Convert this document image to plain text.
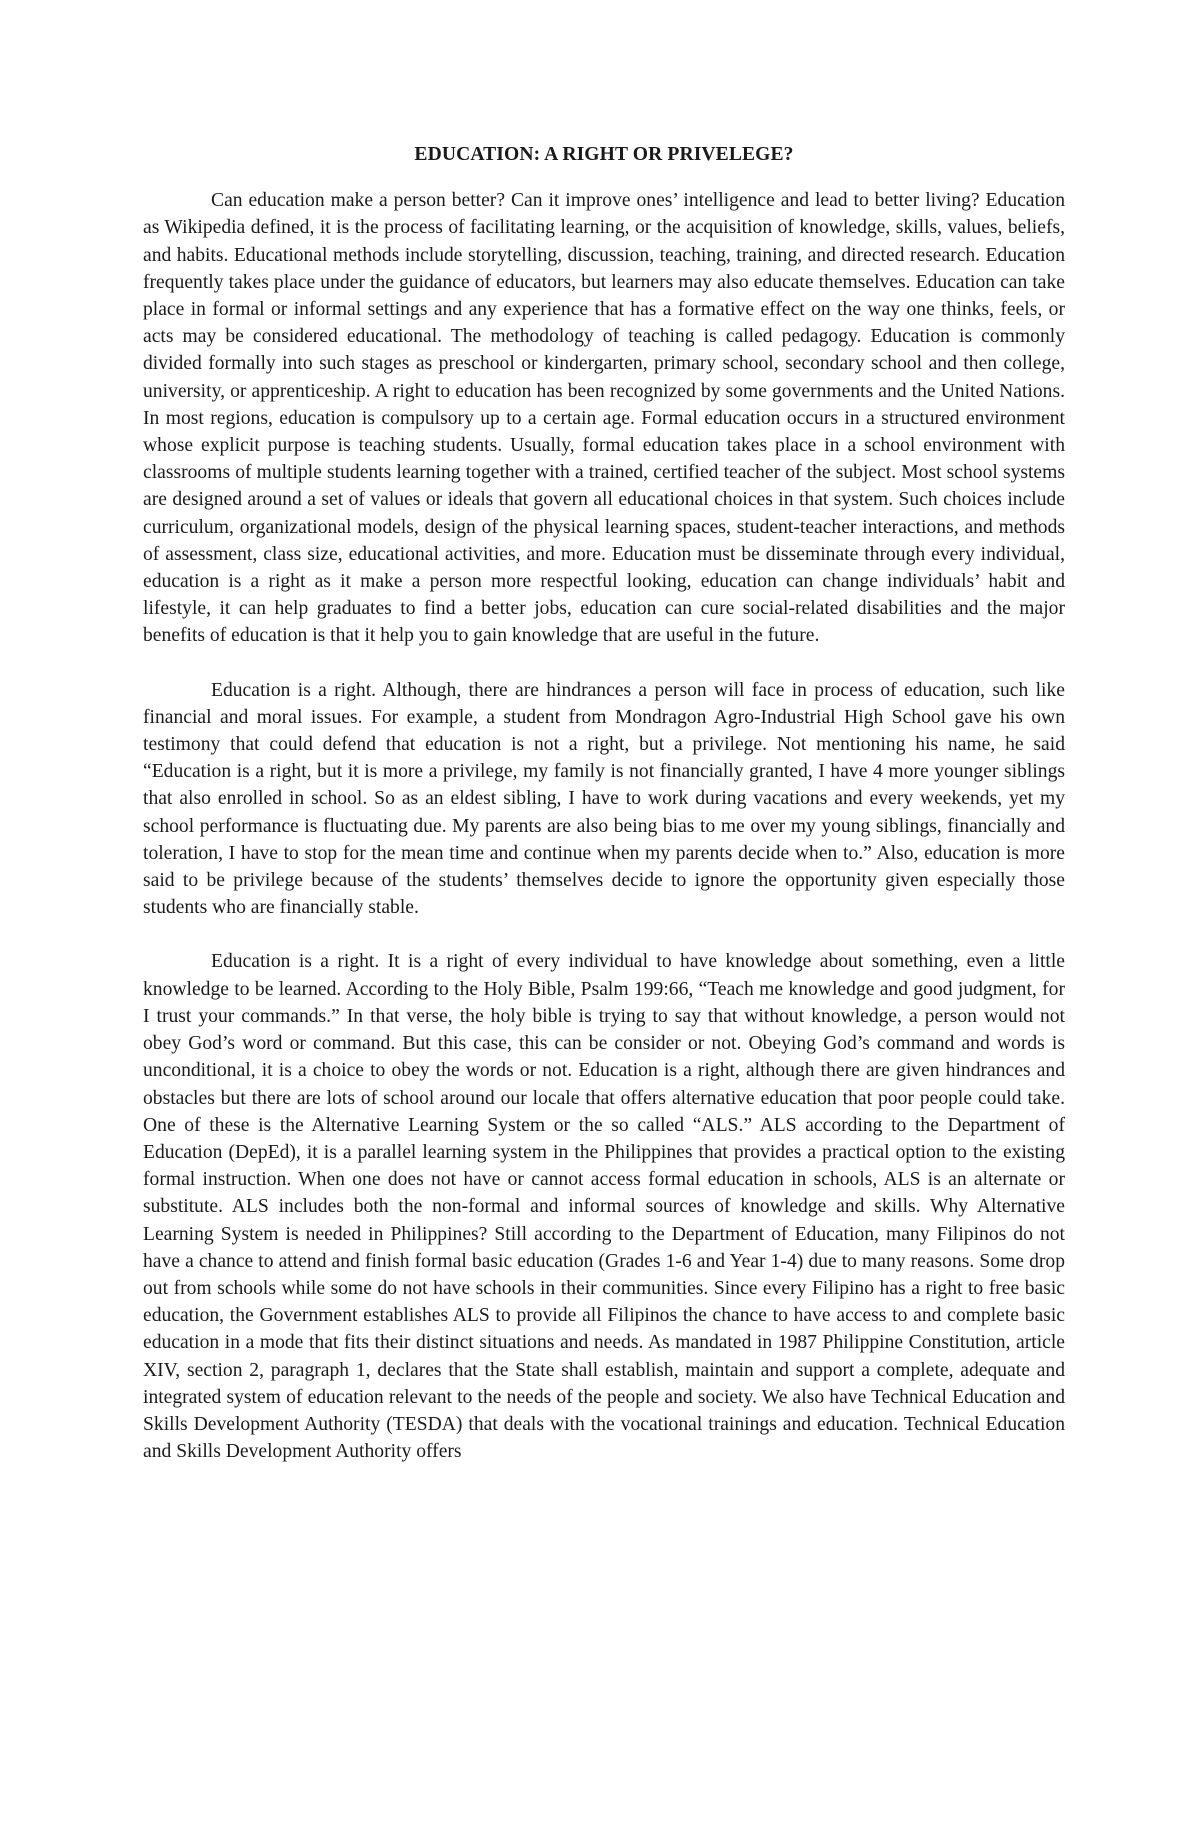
EDUCATION: A RIGHT OR PRIVELEGE?

Can education make a person better? Can it improve ones’ intelligence and lead to better living? Education as Wikipedia defined, it is the process of facilitating learning, or the acquisition of knowledge, skills, values, beliefs, and habits. Educational methods include storytelling, discussion, teaching, training, and directed research. Education frequently takes place under the guidance of educators, but learners may also educate themselves. Education can take place in formal or informal settings and any experience that has a formative effect on the way one thinks, feels, or acts may be considered educational. The methodology of teaching is called pedagogy. Education is commonly divided formally into such stages as preschool or kindergarten, primary school, secondary school and then college, university, or apprenticeship. A right to education has been recognized by some governments and the United Nations. In most regions, education is compulsory up to a certain age. Formal education occurs in a structured environment whose explicit purpose is teaching students. Usually, formal education takes place in a school environment with classrooms of multiple students learning together with a trained, certified teacher of the subject. Most school systems are designed around a set of values or ideals that govern all educational choices in that system. Such choices include curriculum, organizational models, design of the physical learning spaces, student-teacher interactions, and methods of assessment, class size, educational activities, and more. Education must be disseminate through every individual, education is a right as it make a person more respectful looking, education can change individuals’ habit and lifestyle, it can help graduates to find a better jobs, education can cure social-related disabilities and the major benefits of education is that it help you to gain knowledge that are useful in the future.

Education is a right. Although, there are hindrances a person will face in process of education, such like financial and moral issues. For example, a student from Mondragon Agro-Industrial High School gave his own testimony that could defend that education is not a right, but a privilege. Not mentioning his name, he said “Education is a right, but it is more a privilege, my family is not financially granted, I have 4 more younger siblings that also enrolled in school. So as an eldest sibling, I have to work during vacations and every weekends, yet my school performance is fluctuating due. My parents are also being bias to me over my young siblings, financially and toleration, I have to stop for the mean time and continue when my parents decide when to.” Also, education is more said to be privilege because of the students’ themselves decide to ignore the opportunity given especially those students who are financially stable.

Education is a right. It is a right of every individual to have knowledge about something, even a little knowledge to be learned. According to the Holy Bible, Psalm 199:66, “Teach me knowledge and good judgment, for I trust your commands.” In that verse, the holy bible is trying to say that without knowledge, a person would not obey God’s word or command. But this case, this can be consider or not. Obeying God’s command and words is unconditional, it is a choice to obey the words or not. Education is a right, although there are given hindrances and obstacles but there are lots of school around our locale that offers alternative education that poor people could take. One of these is the Alternative Learning System or the so called “ALS.” ALS according to the Department of Education (DepEd), it is a parallel learning system in the Philippines that provides a practical option to the existing formal instruction. When one does not have or cannot access formal education in schools, ALS is an alternate or substitute. ALS includes both the non-formal and informal sources of knowledge and skills. Why Alternative Learning System is needed in Philippines? Still according to the Department of Education, many Filipinos do not have a chance to attend and finish formal basic education (Grades 1-6 and Year 1-4) due to many reasons. Some drop out from schools while some do not have schools in their communities. Since every Filipino has a right to free basic education, the Government establishes ALS to provide all Filipinos the chance to have access to and complete basic education in a mode that fits their distinct situations and needs. As mandated in 1987 Philippine Constitution, article XIV, section 2, paragraph 1, declares that the State shall establish, maintain and support a complete, adequate and integrated system of education relevant to the needs of the people and society. We also have Technical Education and Skills Development Authority (TESDA) that deals with the vocational trainings and education. Technical Education and Skills Development Authority offers
